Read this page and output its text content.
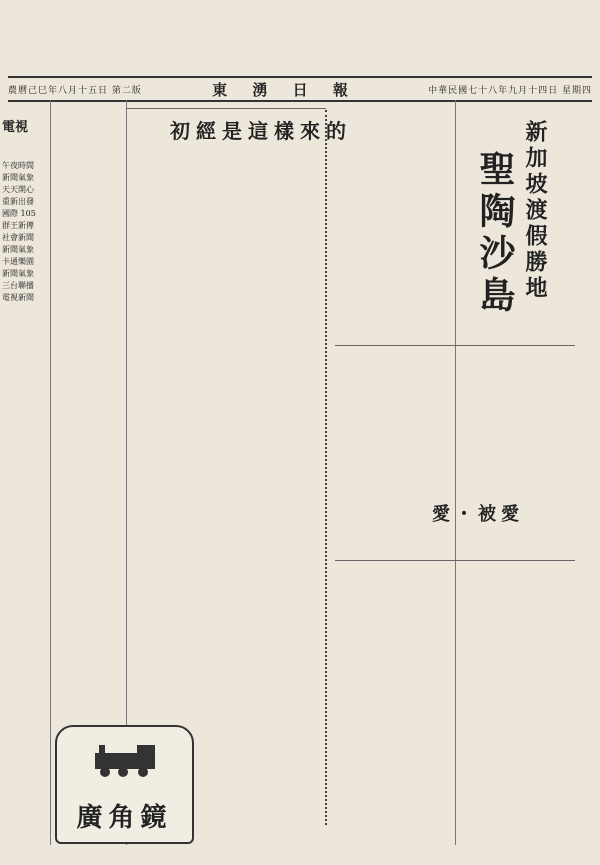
農曆己巳年八月十五日 第二版	東 湧 日 報	中華民國七十八年九月十四日 星期四
電視
午夜時間
新聞氣象
天天開心
重新出發
國際 105
群王新傳
社會新聞
新聞氣象
卡通樂園
新聞氣象
三台聯播
電視新聞	新加坡渡假勝地
聖陶沙島
初經是這樣來的
愛・被愛
廣角鏡
